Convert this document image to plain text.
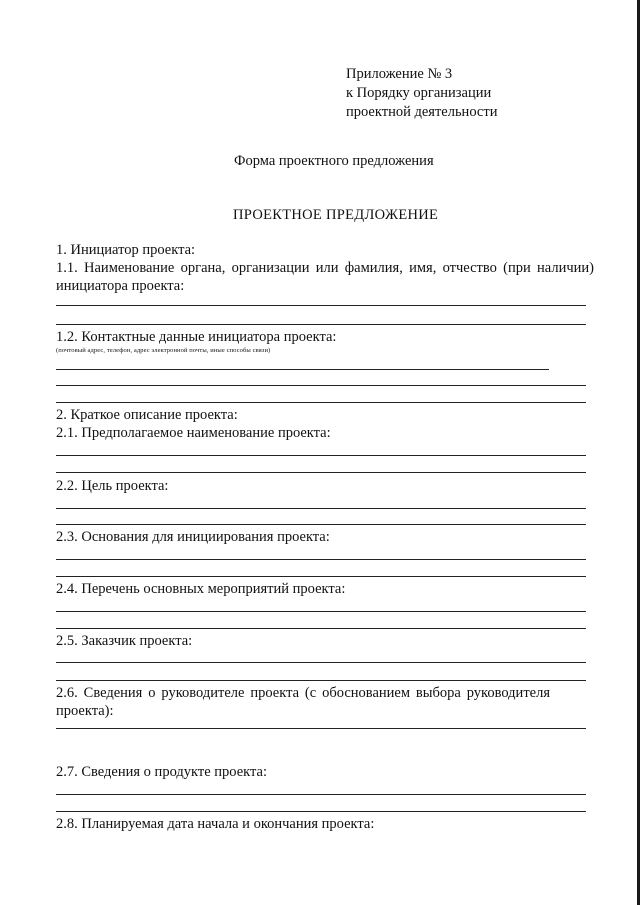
Приложение № 3
к Порядку организации
проектной деятельности
Форма проектного предложения
ПРОЕКТНОЕ ПРЕДЛОЖЕНИЕ
1. Инициатор проекта:
1.1. Наименование органа, организации или фамилия, имя, отчество (при наличии)
инициатора проекта:
1.2. Контактные данные инициатора проекта:
(почтовый адрес, телефон, адрес электронной почты, иные способы связи)
2. Краткое описание проекта:
2.1. Предполагаемое наименование проекта:
2.2. Цель проекта:
2.3. Основания для инициирования проекта:
2.4. Перечень основных мероприятий проекта:
2.5. Заказчик проекта:
2.6. Сведения о руководителе проекта (с обоснованием выбора руководителя
проекта):
2.7. Сведения о продукте проекта:
2.8. Планируемая дата начала и окончания проекта:
